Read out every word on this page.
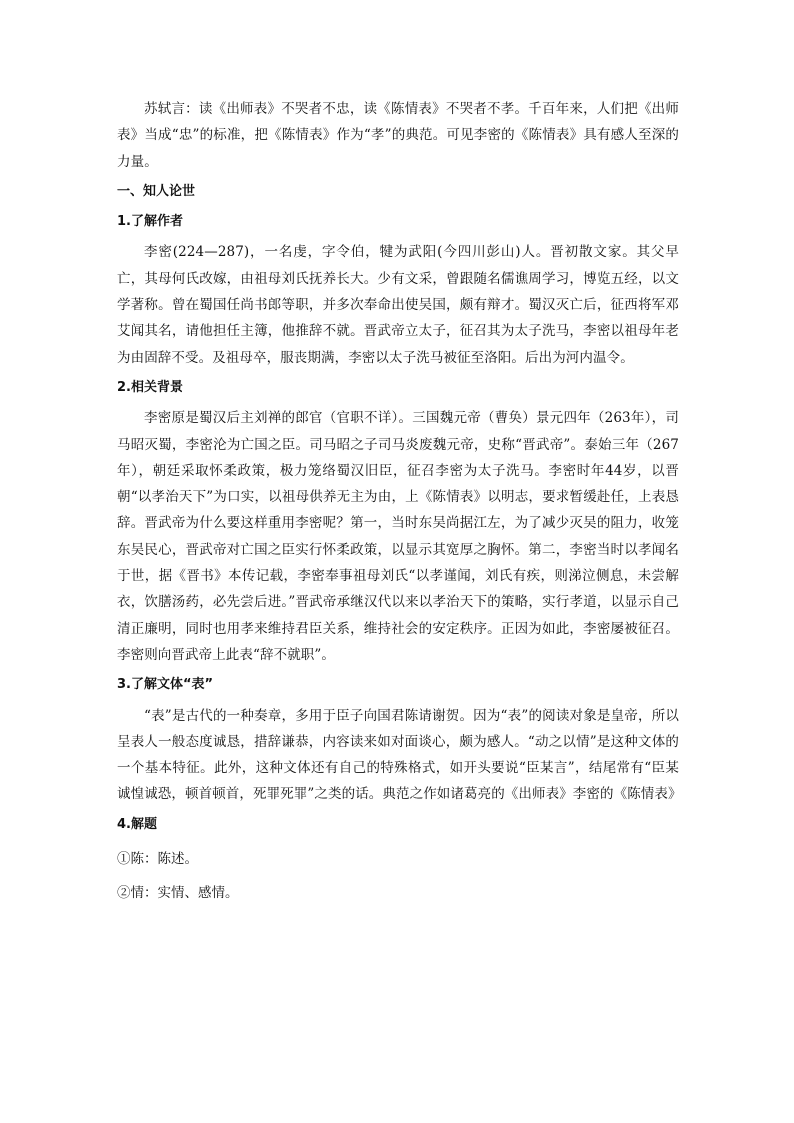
苏轼言：读《出师表》不哭者不忠，读《陈情表》不哭者不孝。千百年来，人们把《出师表》当成“忠”的标准，把《陈情表》作为“孝”的典范。可见李密的《陈情表》具有感人至深的力量。

一、知人论世

1.了解作者

李密(224—287)，一名虔，字令伯，犍为武阳(今四川彭山)人。晋初散文家。其父早亡，其母何氏改嫁，由祖母刘氏抚养长大。少有文采，曾跟随名儒谯周学习，博览五经，以文学著称。曾在蜀国任尚书郎等职，并多次奉命出使吴国，颇有辩才。蜀汉灭亡后，征西将军邓艾闻其名，请他担任主簿，他推辞不就。晋武帝立太子，征召其为太子洗马，李密以祖母年老为由固辞不受。及祖母卒，服丧期满，李密以太子洗马被征至洛阳。后出为河内温令。

2.相关背景

李密原是蜀汉后主刘禅的郎官（官职不详）。三国魏元帝（曹奂）景元四年（263年），司马昭灭蜀，李密沦为亡国之臣。司马昭之子司马炎废魏元帝，史称“晋武帝”。泰始三年（267年），朝廷采取怀柔政策，极力笼络蜀汉旧臣，征召李密为太子洗马。李密时年44岁，以晋朝“以孝治天下”为口实，以祖母供养无主为由，上《陈情表》以明志，要求暂缓赴任，上表恳辞。晋武帝为什么要这样重用李密呢？第一，当时东吴尚据江左，为了减少灭吴的阻力，收笼东吴民心，晋武帝对亡国之臣实行怀柔政策，以显示其宽厚之胸怀。第二，李密当时以孝闻名于世，据《晋书》本传记载，李密奉事祖母刘氏“以孝谨闻，刘氏有疾，则涕泣侧息，未尝解衣，饮膳汤药，必先尝后进。”晋武帝承继汉代以来以孝治天下的策略，实行孝道，以显示自己清正廉明，同时也用孝来维持君臣关系，维持社会的安定秩序。正因为如此，李密屡被征召。李密则向晋武帝上此表“辞不就职”。

3.了解文体“表”

“表”是古代的一种奏章，多用于臣子向国君陈请谢贺。因为“表”的阅读对象是皇帝，所以呈表人一般态度诚恳，措辞谦恭，内容读来如对面谈心，颇为感人。“动之以情”是这种文体的一个基本特征。此外，这种文体还有自己的特殊格式，如开头要说“臣某言”，结尾常有“臣某诚惶诚恐，顿首顿首，死罪死罪”之类的话。典范之作如诸葛亮的《出师表》李密的《陈情表》

4.解题

①陈：陈述。

②情：实情、感情。
